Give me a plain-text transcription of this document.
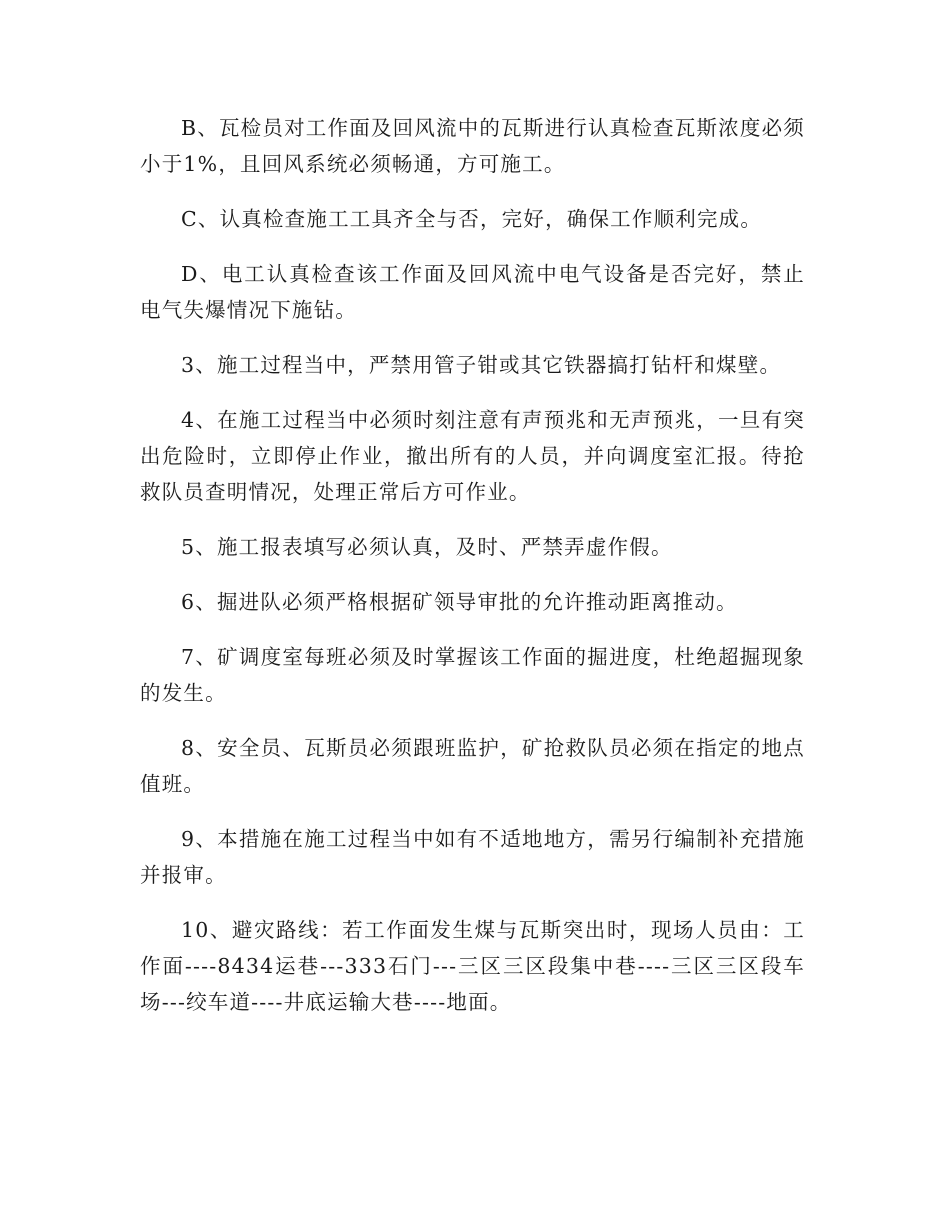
B、瓦检员对工作面及回风流中的瓦斯进行认真检查瓦斯浓度必须小于1%，且回风系统必须畅通，方可施工。

C、认真检查施工工具齐全与否，完好，确保工作顺利完成。

D、电工认真检查该工作面及回风流中电气设备是否完好，禁止电气失爆情况下施钻。

3、施工过程当中，严禁用管子钳或其它铁器搞打钻杆和煤壁。

4、在施工过程当中必须时刻注意有声预兆和无声预兆，一旦有突出危险时，立即停止作业，撤出所有的人员，并向调度室汇报。待抢救队员查明情况，处理正常后方可作业。

5、施工报表填写必须认真，及时、严禁弄虚作假。

6、掘进队必须严格根据矿领导审批的允许推动距离推动。

7、矿调度室每班必须及时掌握该工作面的掘进度，杜绝超掘现象的发生。

8、安全员、瓦斯员必须跟班监护，矿抢救队员必须在指定的地点值班。

9、本措施在施工过程当中如有不适地地方，需另行编制补充措施并报审。

10、避灾路线：若工作面发生煤与瓦斯突出时，现场人员由：工作面----8434运巷---333石门---三区三区段集中巷----三区三区段车场---绞车道----井底运输大巷----地面。
